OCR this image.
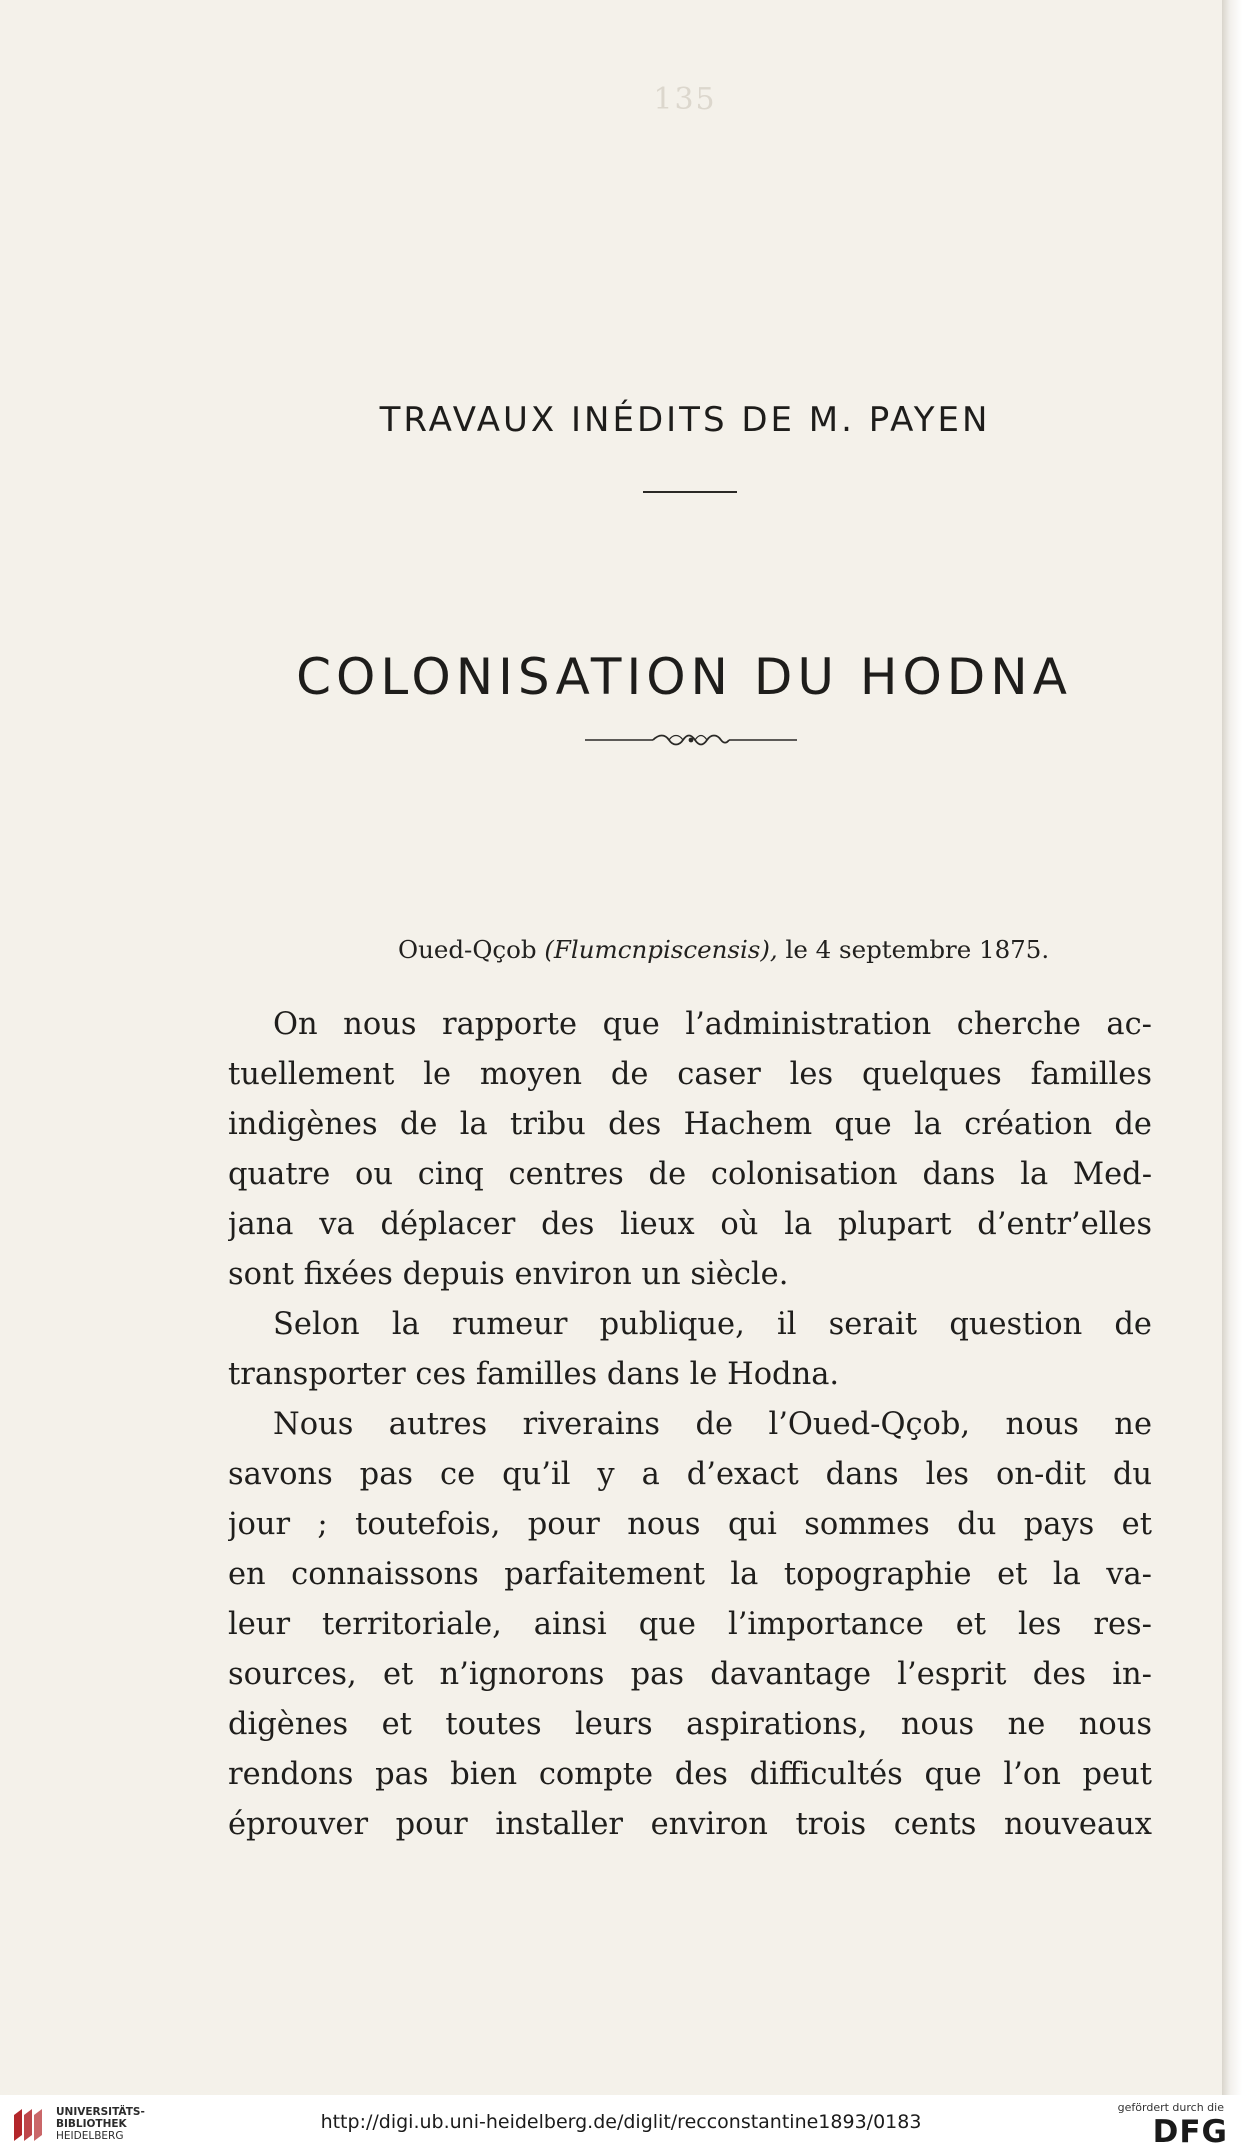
135
TRAVAUX INÉDITS DE M. PAYEN
COLONISATION DU HODNA
Oued-Qçob (Flumcnpiscensis), le 4 septembre 1875.

On nous rapporte que l’administration cherche ac-
tuellement le moyen de caser les quelques familles
indigènes de la tribu des Hachem que la création de
quatre ou cinq centres de colonisation dans la Med-
jana va déplacer des lieux où la plupart d’entr’elles
sont fixées depuis environ un siècle.

Selon la rumeur publique, il serait question de
transporter ces familles dans le Hodna.

Nous autres riverains de l’Oued-Qçob, nous ne
savons pas ce qu’il y a d’exact dans les on-dit du
jour ; toutefois, pour nous qui sommes du pays et
en connaissons parfaitement la topographie et la va-
leur territoriale, ainsi que l’importance et les res-
sources, et n’ignorons pas davantage l’esprit des in-
digènes et toutes leurs aspirations, nous ne nous
rendons pas bien compte des difficultés que l’on peut
éprouver pour installer environ trois cents nouveaux

UNIVERSITÄTS-
BIBLIOTHEK
HEIDELBERG
http://digi.ub.uni-heidelberg.de/diglit/recconstantine1893/0183
gefördert durch die
DFG
